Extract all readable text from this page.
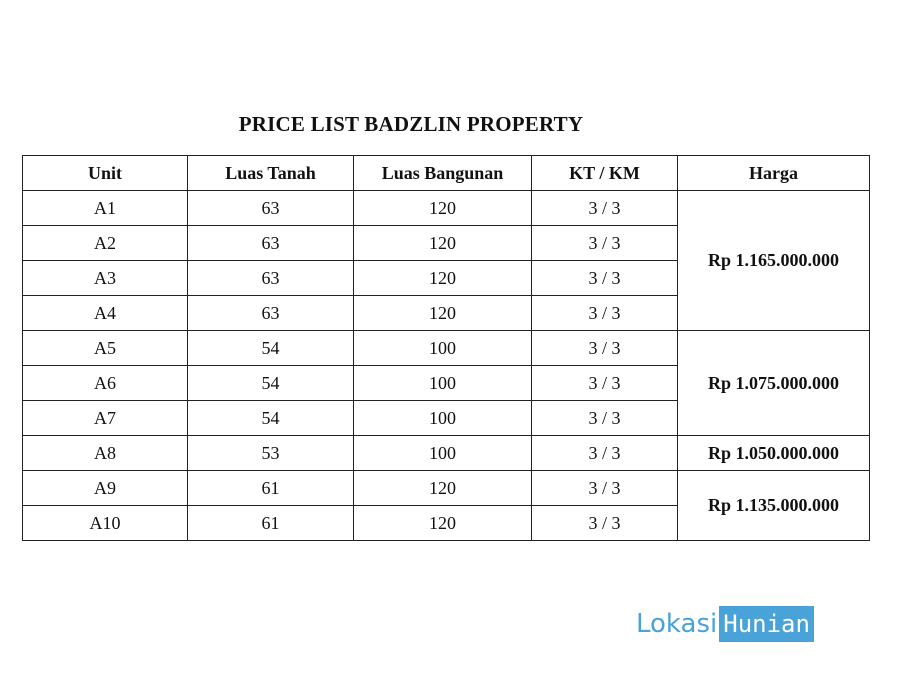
PRICE LIST BADZLIN PROPERTY
Unit	Luas Tanah	Luas Bangunan	KT / KM	Harga
A1	63	120	3 / 3	Rp 1.165.000.000
A2	63	120	3 / 3	
A3	63	120	3 / 3	
A4	63	120	3 / 3	
A5	54	100	3 / 3	Rp 1.075.000.000
A6	54	100	3 / 3	
A7	54	100	3 / 3	
A8	53	100	3 / 3	Rp 1.050.000.000
A9	61	120	3 / 3	Rp 1.135.000.000
A10	61	120	3 / 3	
Lokasi Hunian
